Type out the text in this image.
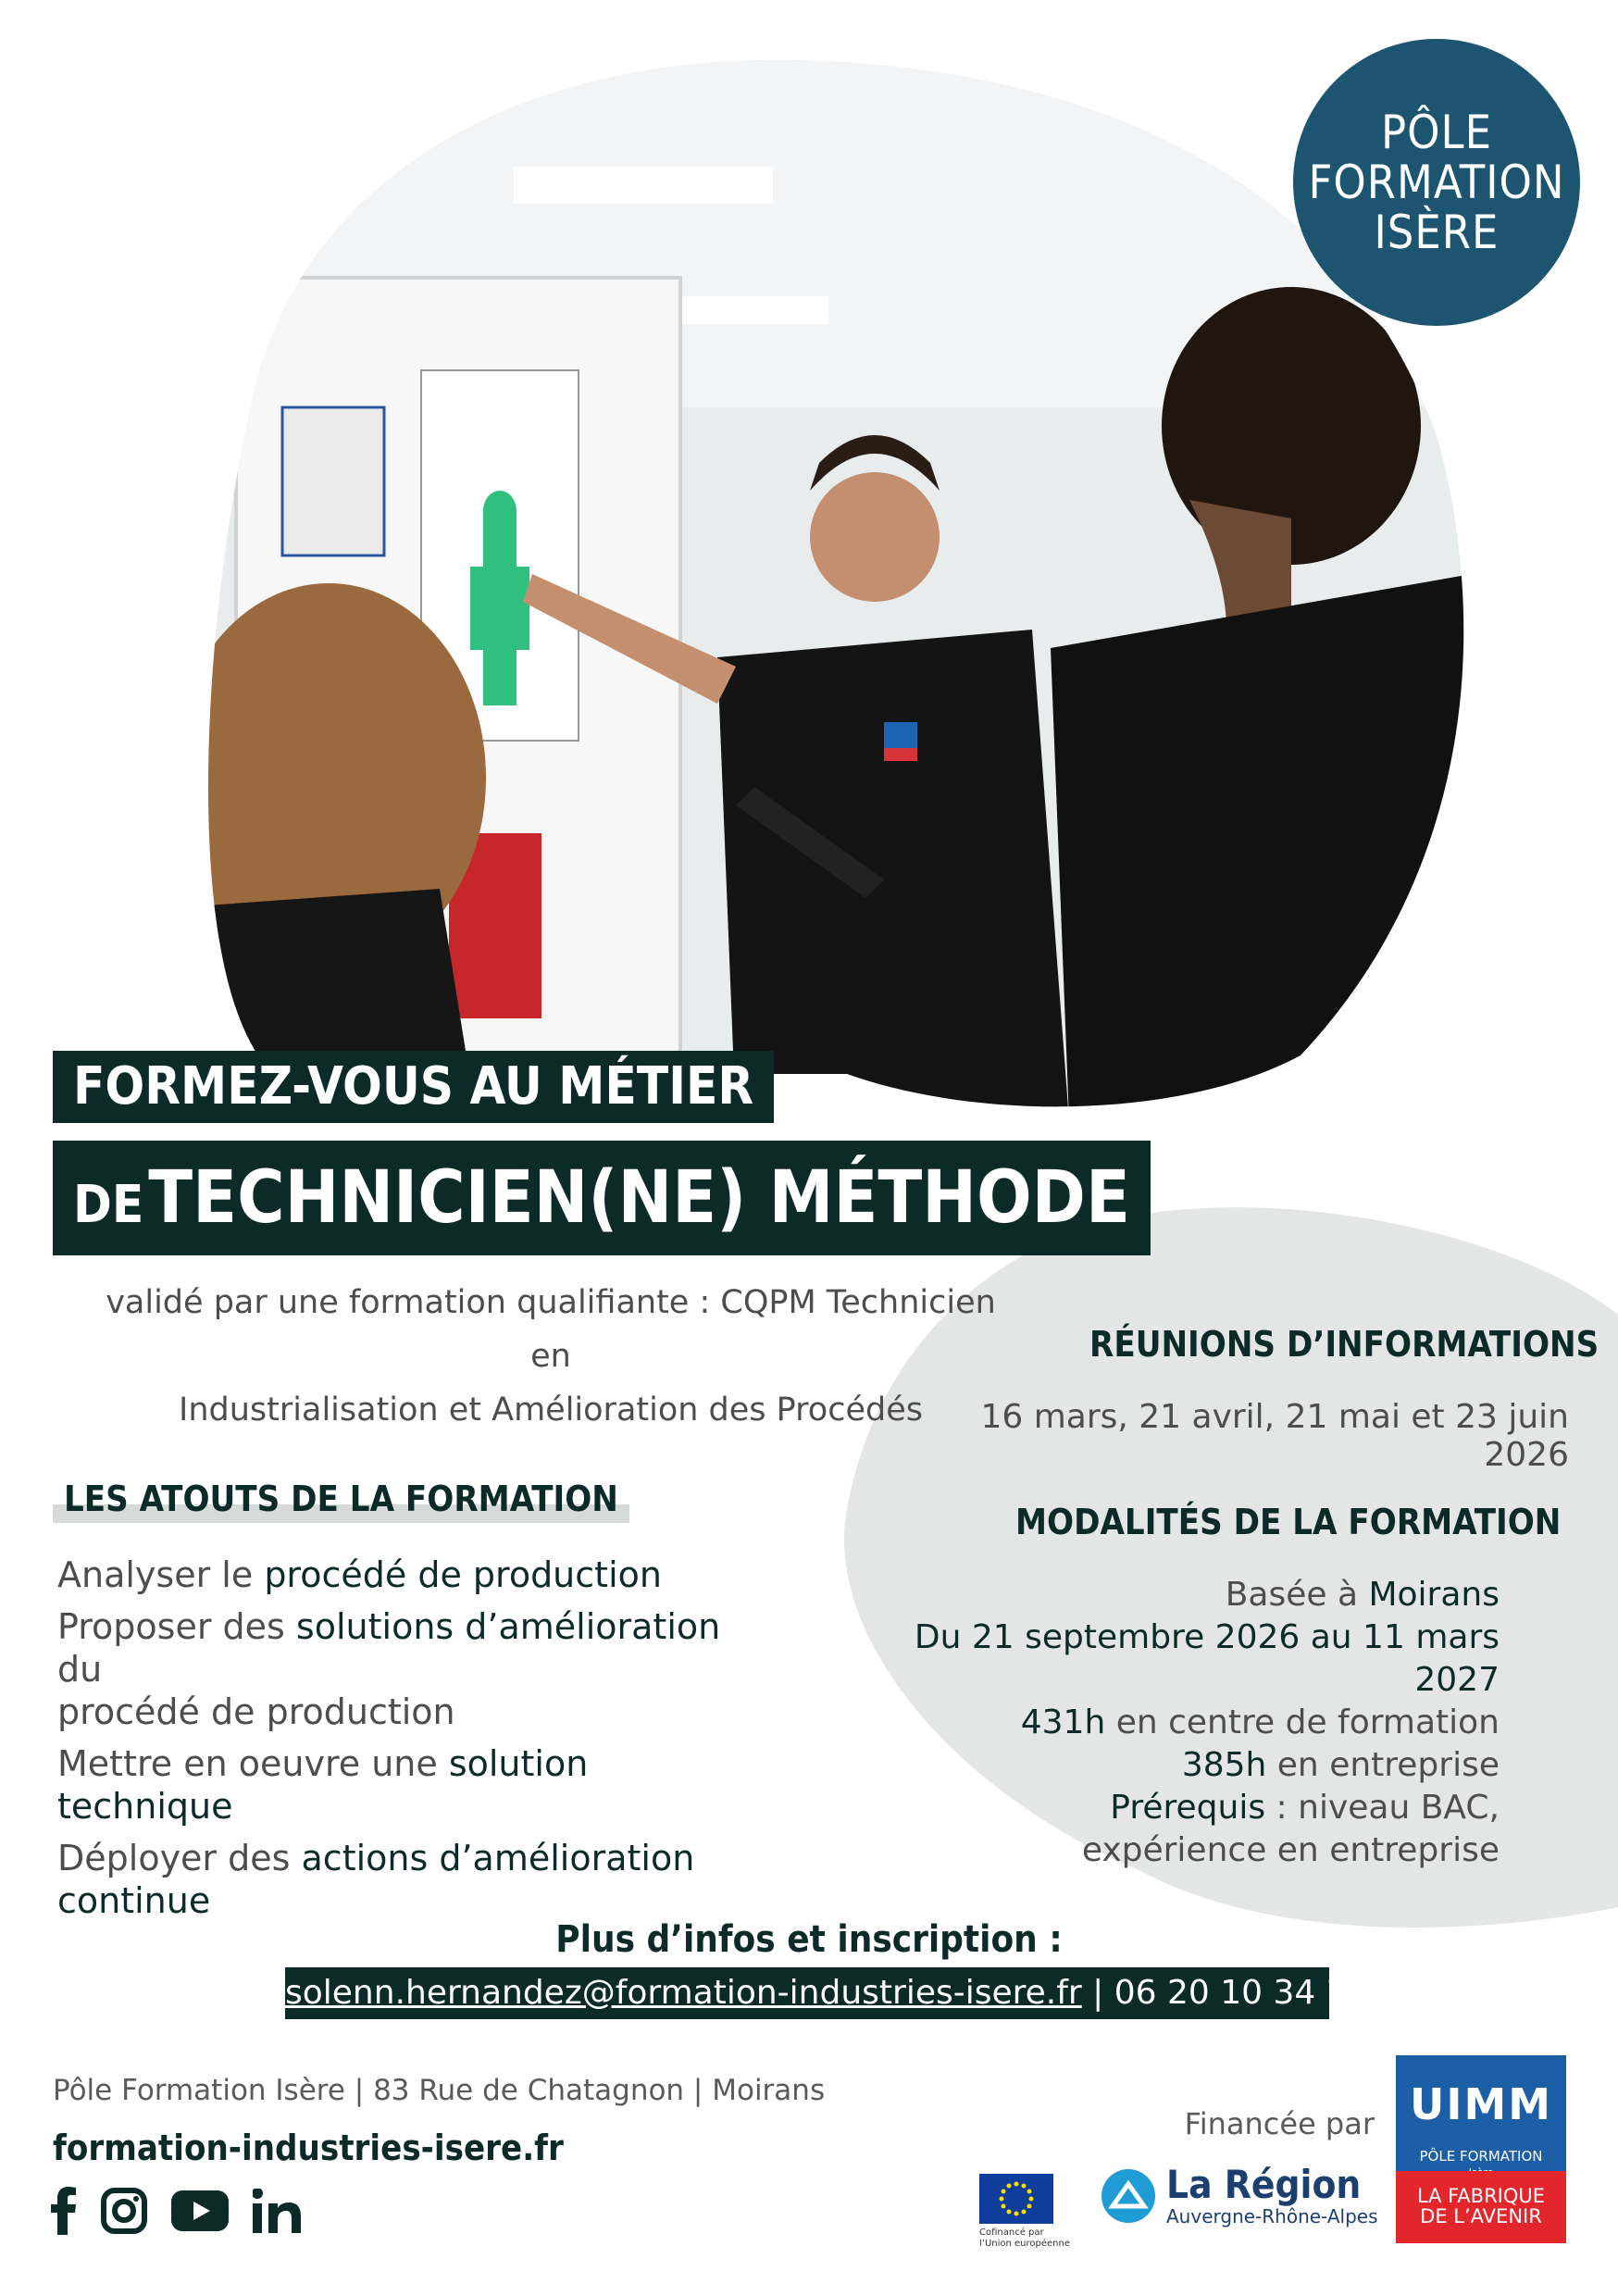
PÔLE
FORMATION
ISÈRE
FORMEZ-VOUS AU MÉTIER
DE TECHNICIEN(NE) MÉTHODE
validé par une formation qualifiante : CQPM Technicien en
Industrialisation et Amélioration des Procédés
RÉUNIONS D’INFORMATIONS
16 mars, 21 avril, 21 mai et 23 juin 2026
MODALITÉS DE LA FORMATION
Basée à Moirans
Du 21 septembre 2026 au 11 mars 2027
431h en centre de formation
385h en entreprise
Prérequis : niveau BAC,
expérience en entreprise
LES ATOUTS DE LA FORMATION
Analyser le procédé de production
Proposer des solutions d’amélioration du
procédé de production
Mettre en oeuvre une solution technique
Déployer des actions d’amélioration
continue
Plus d’infos et inscription :
solenn.hernandez@formation-industries-isere.fr | 06 20 10 34 77
Pôle Formation Isère | 83 Rue de Chatagnon | Moirans
formation-industries-isere.fr
Financée par
Cofinancé par
l’Union européenne
La Région
Auvergne-Rhône-Alpes
UIMM
PÔLE FORMATION
LA FABRIQUE
DE L’AVENIR
